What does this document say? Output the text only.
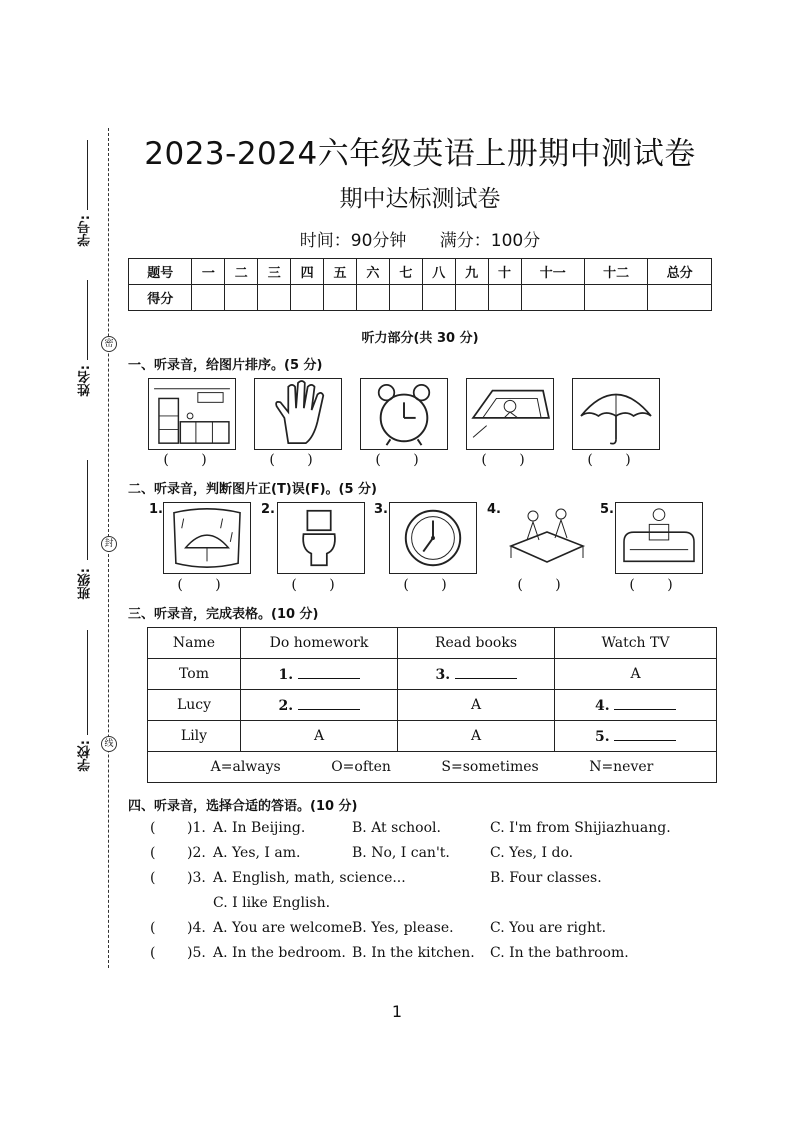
学号:
姓名:
班级:
学校:
密
封
线
2023-2024六年级英语上册期中测试卷
期中达标测试卷
时间：90分钟 满分：100分
题号	一	二	三	四	五	六	七	八	九	十	十一	十二	总分
得分													
听力部分(共 30 分)
一、听录音，给图片排序。(5 分)
( )	( )	( )	( )	( )
二、听录音，判断图片正(T)误(F)。(5 分)
1.	2.	3.	4.	5.
( )	( )	( )	( )	( )
三、听录音，完成表格。(10 分)
Name	Do homework	Read books	Watch TV
Tom	1.	3.	A
Lucy	2.	A	4.
Lily	A	A	5.
A=always O=often S=sometimes N=never			
四、听录音，选择合适的答语。(10 分)
( )1. A. In Beijing.	B. At school.	C. I'm from Shijiazhuang.
( )2. A. Yes, I am.	B. No, I can't.	C. Yes, I do.
( )3. A. English, math, science...	B. Four classes.
C. I like English.
( )4. A. You are welcome.
B. Yes, please.	C. You are right.
( )5. A. In the bedroom. B. In the kitchen. C. In the bathroom.
1
